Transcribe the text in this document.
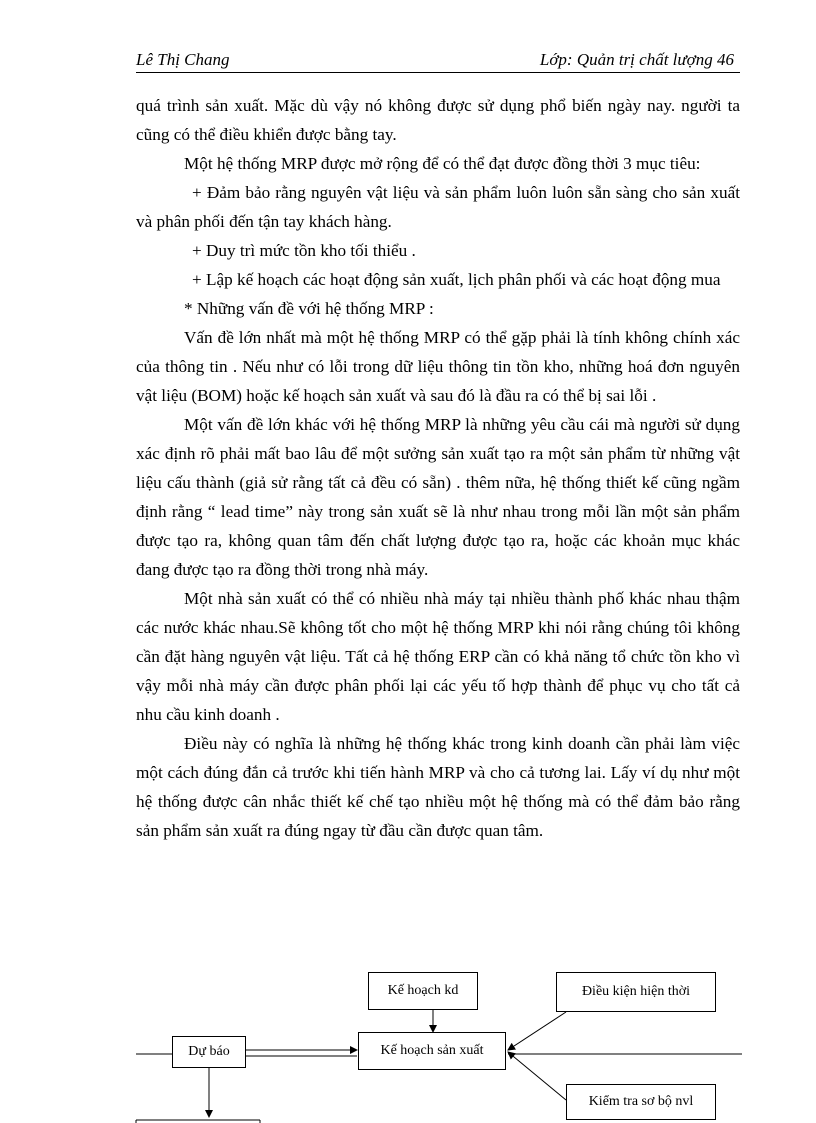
Lê Thị Chang	Lớp: Quản trị chất lượng 46

quá trình sản xuất. Mặc dù vậy nó không được sử dụng phổ biến ngày nay. người ta cũng có thể điều khiển được bằng tay.

Một hệ thống MRP được mở rộng để có thể đạt được đồng thời 3 mục tiêu:

+ Đảm bảo rằng nguyên vật liệu và sản phẩm luôn luôn sẵn sàng cho sản xuất và phân phối đến tận tay khách hàng.

+ Duy trì mức tồn kho tối thiểu .

+ Lập kế hoạch các hoạt động sản xuất, lịch phân phối và các hoạt động mua

* Những vấn đề với hệ thống MRP :

Vấn đề lớn nhất mà một hệ thống MRP có thể gặp phải là tính không chính xác của thông tin . Nếu như có lỗi trong dữ liệu thông tin tồn kho, những hoá đơn nguyên vật liệu (BOM) hoặc kế hoạch sản xuất và sau đó là đầu ra có thể bị sai lỗi .

Một vấn đề lớn khác với hệ thống MRP là những yêu cầu cái mà người sử dụng xác định rõ phải mất bao lâu để một sưởng sản xuất tạo ra một sản phẩm từ những vật liệu cấu thành (giả sử rằng tất cả đều có sẵn) . thêm nữa, hệ thống thiết kế cũng ngầm định rằng “ lead time” này trong sản xuất sẽ là như nhau trong mỗi lần một sản phẩm được tạo ra, không quan tâm đến chất lượng được tạo ra, hoặc các khoản mục khác đang được tạo ra đồng thời trong nhà máy.

Một nhà sản xuất có thể có nhiều nhà máy tại nhiều thành phố khác nhau thậm các nước khác nhau.Sẽ không tốt cho một hệ thống MRP khi nói rằng chúng tôi không cần đặt hàng nguyên vật liệu. Tất cả hệ thống ERP cần có khả năng tổ chức tồn kho vì vậy mỗi nhà máy cần được phân phối lại các yếu tố hợp thành để phục vụ cho tất cả nhu cầu kinh doanh .

Điều này có nghĩa là những hệ thống khác trong kinh doanh cần phải làm việc một cách đúng đắn cả trước khi tiến hành MRP và cho cả tương lai. Lấy ví dụ như một hệ thống được cân nhắc thiết kế chế tạo nhiều một hệ thống mà có thể đảm bảo rằng sản phẩm sản xuất ra đúng ngay từ đầu cần được quan tâm.

Kế hoạch kd	Điều kiện hiện thời
Dự báo	Kế hoạch sản xuất
Kiểm tra sơ bộ nvl
